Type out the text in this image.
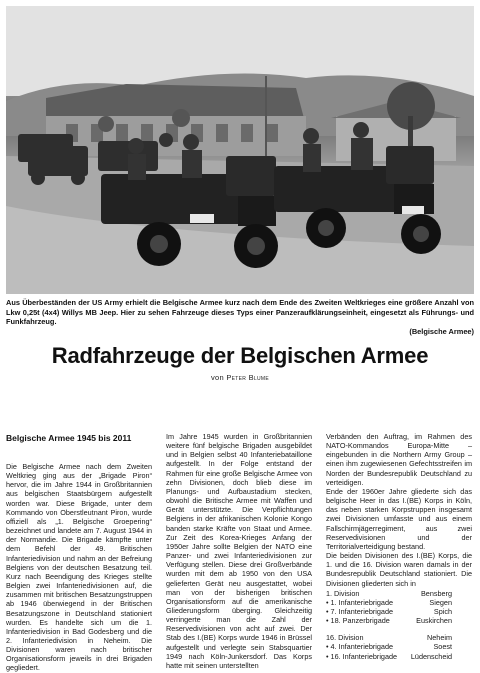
Aus Überbeständen der US Army erhielt die Belgische Armee kurz nach dem Ende des Zweiten Weltkrieges eine größere Anzahl von Lkw 0,25t (4x4) Willys MB Jeep. Hier zu sehen Fahrzeuge dieses Typs einer Panzeraufklärungseinheit, eingesetzt als Führungs- und Funkfahrzeug.
(Belgische Armee)
Radfahrzeuge der Belgischen Armee
von Peter Blume
Belgische Armee 1945 bis 2011

Die Belgische Armee nach dem Zweiten Weltkrieg ging aus der „Brigade Piron“ hervor, die im Jahre 1944 in Großbritannien aus belgischen Staatsbürgern aufgestellt worden war. Diese Brigade, unter dem Kommando von Oberstleutnant Piron, wurde offiziell als „1. Belgische Groepering“ bezeichnet und landete am 7. August 1944 in der Normandie. Die Brigade kämpfte unter dem Befehl der 49. Britischen Infanteriedivision und nahm an der Befreiung Belgiens von der deutschen Besatzung teil. Kurz nach Beendigung des Krieges stellte Belgien zwei Infanteriedivisionen auf, die zusammen mit britischen Besatzungstruppen ab 1946 überwiegend in der Britischen Besatzungszone in Deutschland stationiert wurden. Es handelte sich um die 1. Infanteriedivision in Bad Godesberg und die 2. Infanteriedivision in Neheim. Die Divisionen waren nach britischer Organisationsform jeweils in drei Brigaden gegliedert.

Im Jahre 1945 wurden in Großbritannien weitere fünf belgische Brigaden ausgebildet und in Belgien selbst 40 Infanteriebataillone aufgestellt. In der Folge entstand der Rahmen für eine große Belgische Armee von zehn Divisionen, doch blieb diese im Planungs- und Aufbaustadium stecken, obwohl die Britische Armee mit Waffen und Gerät unterstützte. Die Verpflichtungen Belgiens in der afrikanischen Kolonie Kongo banden starke Kräfte von Staat und Armee. Zur Zeit des Korea-Krieges Anfang der 1950er Jahre sollte Belgien der NATO eine Panzer- und zwei Infanteriedivisionen zur Verfügung stellen. Diese drei Großverbände wurden mit dem ab 1950 von den USA gelieferten Gerät neu ausgestattet, wobei man von der bisherigen britischen Organisationsform auf die amerikanische Gliederungsform überging. Gleichzeitig verringerte man die Zahl der Reservedivisionen von acht auf zwei. Der Stab des I.(BE) Korps wurde 1946 in Brüssel aufgestellt und verlegte sein Stabsquartier 1949 nach Köln-Junkersdorf. Das Korps hatte mit seinen unterstellten

Verbänden den Auftrag, im Rahmen des NATO-Kommandos Europa-Mitte – eingebunden in die Northern Army Group – einen ihm zugewiesenen Gefechtsstreifen im Norden der Bundesrepublik Deutschland zu verteidigen.

Ende der 1960er Jahre gliederte sich das belgische Heer in das I.(BE) Korps in Köln, das neben starken Korpstruppen insgesamt zwei Divisionen umfasste und aus einem Fallschirmjägerregiment, aus zwei Reservedivisionen und der Territorialverteidigung bestand.

Die beiden Divisionen des I.(BE) Korps, die 1. und die 16. Division waren damals in der Bundesrepublik Deutschland stationiert. Die Divisionen gliederten sich in

1. Division	Bensberg
• 1. Infanteriebrigade	Siegen
• 7. Infanteriebrigade	Spich
• 18. Panzerbrigade	Euskirchen
16. Division	Neheim
• 4. Infanteriebrigade	Soest
• 16. Infanteriebrigade Lüdenscheid
